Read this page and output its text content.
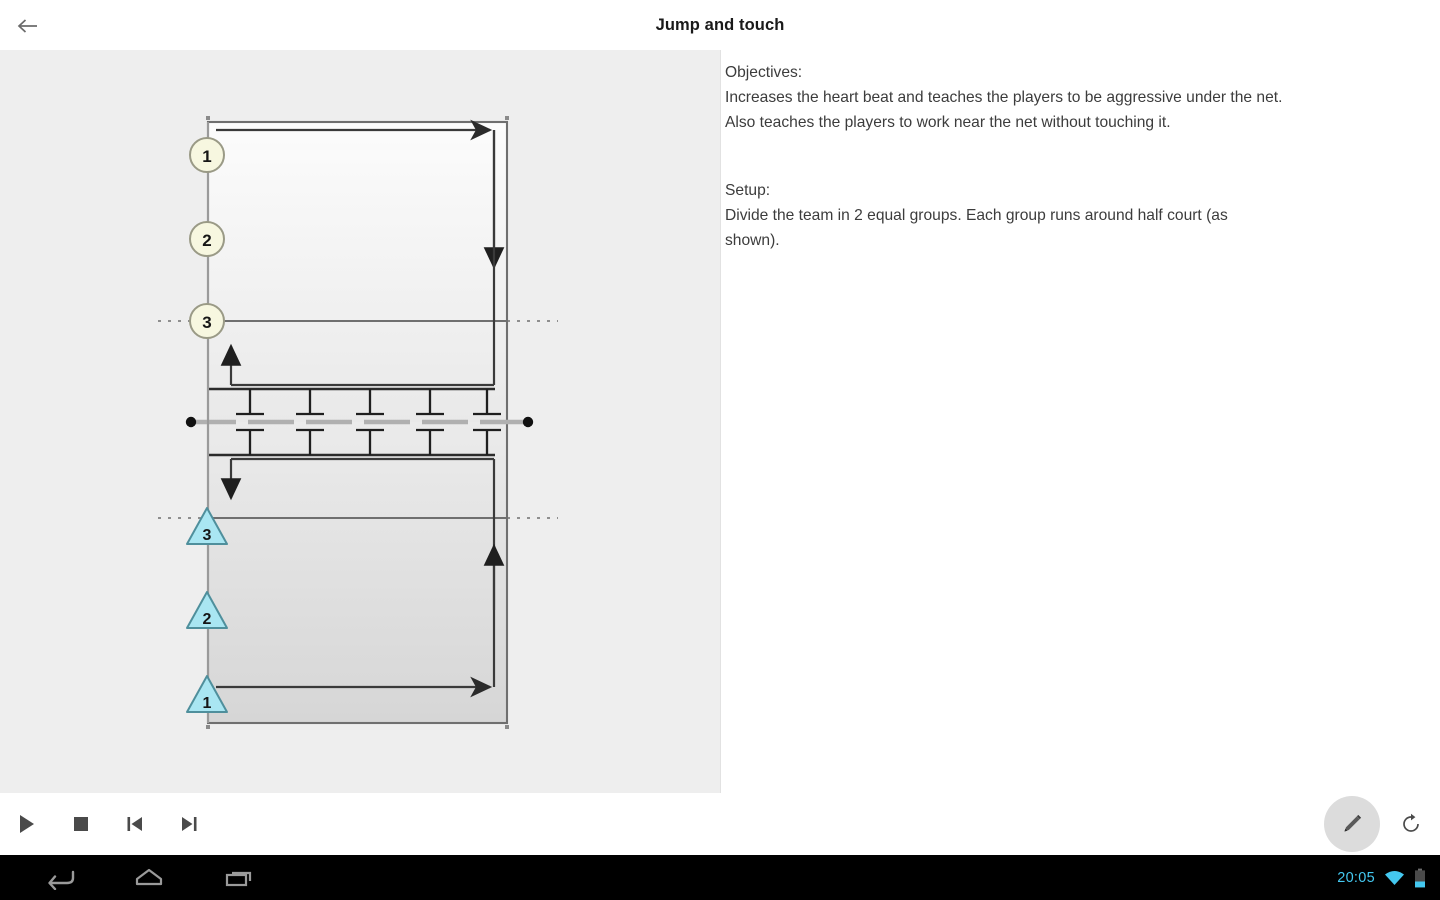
Jump and touch
1
2
3
3
2
1
Objectives:
Increases the heart beat and teaches the players to be aggressive under the net.
Also teaches the players to work near the net without touching it.
Setup:
Divide the team in 2 equal groups. Each group runs around half court (as
shown).
20:05
